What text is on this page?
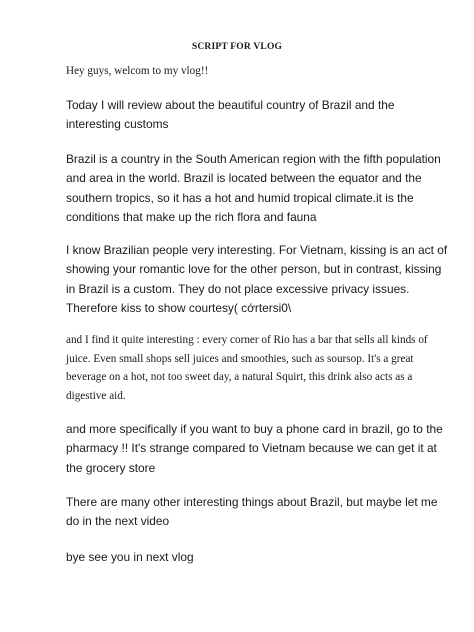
SCRIPT FOR VLOG

Hey guys, welcom to my vlog!!

Today I will review about the beautiful country of Brazil and the
interesting customs

Brazil is a country in the South American region with the fifth population
and area in the world. Brazil is located between the equator and the
southern tropics, so it has a hot and humid tropical climate.it is the
conditions that make up the rich flora and fauna

I know Brazilian people very interesting. For Vietnam, kissing is an act of
showing your romantic love for the other person, but in contrast, kissing
in Brazil is a custom. They do not place excessive privacy issues.
Therefore kiss to show courtesy( cớrtersi0\

and I find it quite interesting : every corner of Rio has a bar that sells all kinds of
juice. Even small shops sell juices and smoothies, such as soursop. It's a great
beverage on a hot, not too sweet day, a natural Squirt, this drink also acts as a
digestive aid.

and more specifically if you want to buy a phone card in brazil, go to the
pharmacy !! It's strange compared to Vietnam because we can get it at
the grocery store

There are many other interesting things about Brazil, but maybe let me
do in the next video

bye see you in next vlog
